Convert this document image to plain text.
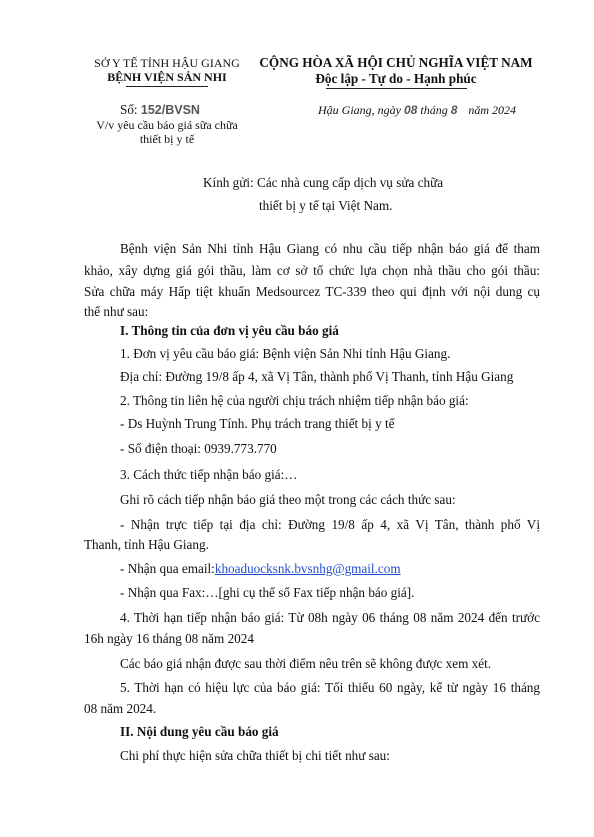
SỞ Y TẾ TỈNH HẬU GIANG
BỆNH VIỆN SẢN NHI
CỘNG HÒA XÃ HỘI CHỦ NGHĨA VIỆT NAM
Độc lập - Tự do - Hạnh phúc
Số: 152/BVSN
V/v yêu cầu báo giá sữa chữa
thiết bị y tế
Hậu Giang, ngày 08 tháng 8 năm 2024
Kính gửi: Các nhà cung cấp dịch vụ sửa chữa
thiết bị y tế tại Việt Nam.
Bệnh viện Sản Nhi tỉnh Hậu Giang có nhu cầu tiếp nhận báo giá để tham
khảo, xây dựng giá gói thầu, làm cơ sở tổ chức lựa chọn nhà thầu cho gói thầu:
Sửa chữa máy Hấp tiệt khuẩn Medsourcez TC-339 theo qui định với nội dung cụ
thể như sau:
I. Thông tin của đơn vị yêu cầu báo giá
1. Đơn vị yêu cầu báo giá: Bệnh viện Sản Nhi tỉnh Hậu Giang.
Địa chỉ: Đường 19/8 ấp 4, xã Vị Tân, thành phố Vị Thanh, tỉnh Hậu Giang
2. Thông tin liên hệ của người chịu trách nhiệm tiếp nhận báo giá:
- Ds Huỳnh Trung Tính. Phụ trách trang thiết bị y tế
- Số điện thoại: 0939.773.770
3. Cách thức tiếp nhận báo giá:…
Ghi rõ cách tiếp nhận báo giá theo một trong các cách thức sau:
- Nhận trực tiếp tại địa chỉ: Đường 19/8 ấp 4, xã Vị Tân, thành phố Vị
Thanh, tỉnh Hậu Giang.
- Nhận qua email:khoaduocksnk.bvsnhg@gmail.com
- Nhận qua Fax:…[ghi cụ thể số Fax tiếp nhận báo giá].
4. Thời hạn tiếp nhận báo giá: Từ 08h ngày 06 tháng 08 năm 2024 đến trước
16h ngày 16 tháng 08 năm 2024
Các báo giá nhận được sau thời điểm nêu trên sẽ không được xem xét.
5. Thời hạn có hiệu lực của báo giá: Tối thiểu 60 ngày, kể từ ngày 16 tháng
08 năm 2024.
II. Nội dung yêu cầu báo giá
Chi phí thực hiện sửa chữa thiết bị chi tiết như sau:
